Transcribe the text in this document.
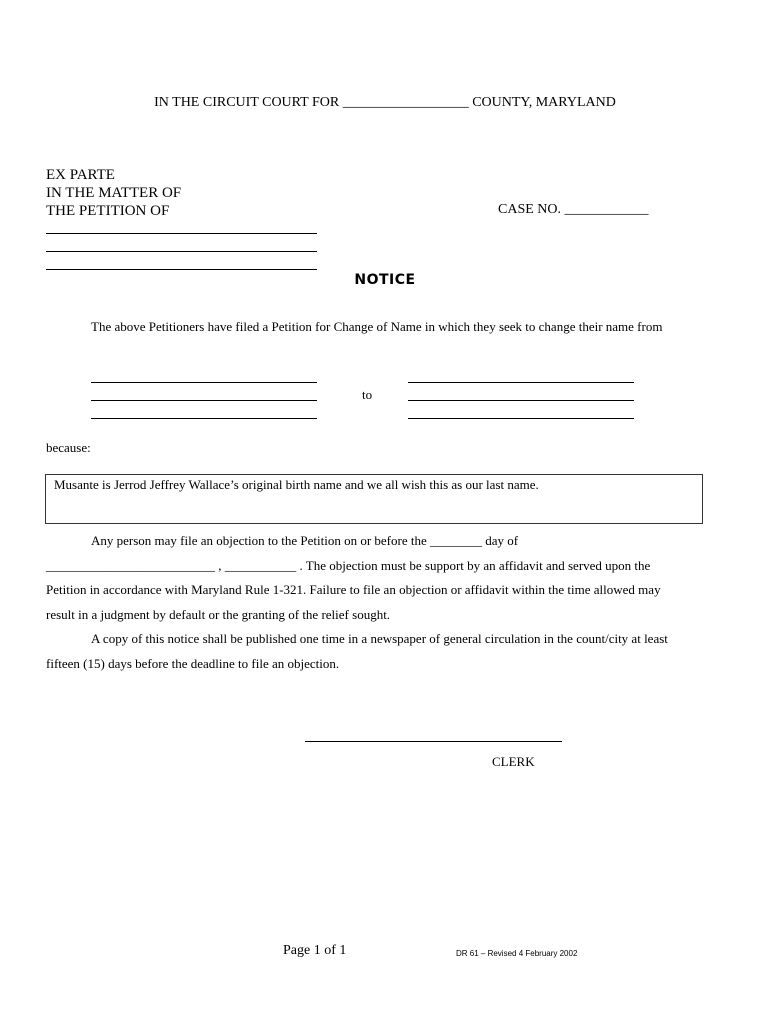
IN THE CIRCUIT COURT FOR __________________ COUNTY, MARYLAND
EX PARTE
IN THE MATTER OF
THE PETITION OF	CASE NO. ____________
NOTICE
The above Petitioners have filed a Petition for Change of Name in which they seek to change their name from
to
because:
Musante is Jerrod Jeffrey Wallace’s original birth name and we all wish this as our last name.
Any person may file an objection to the Petition on or before the ________ day of
__________________________ , ___________ . The objection must be support by an affidavit and served upon the
Petition in accordance with Maryland Rule 1-321. Failure to file an objection or affidavit within the time allowed may
result in a judgment by default or the granting of the relief sought.
A copy of this notice shall be published one time in a newspaper of general circulation in the count/city at least
fifteen (15) days before the deadline to file an objection.
CLERK
Page 1 of 1	DR 61 – Revised 4 February 2002
